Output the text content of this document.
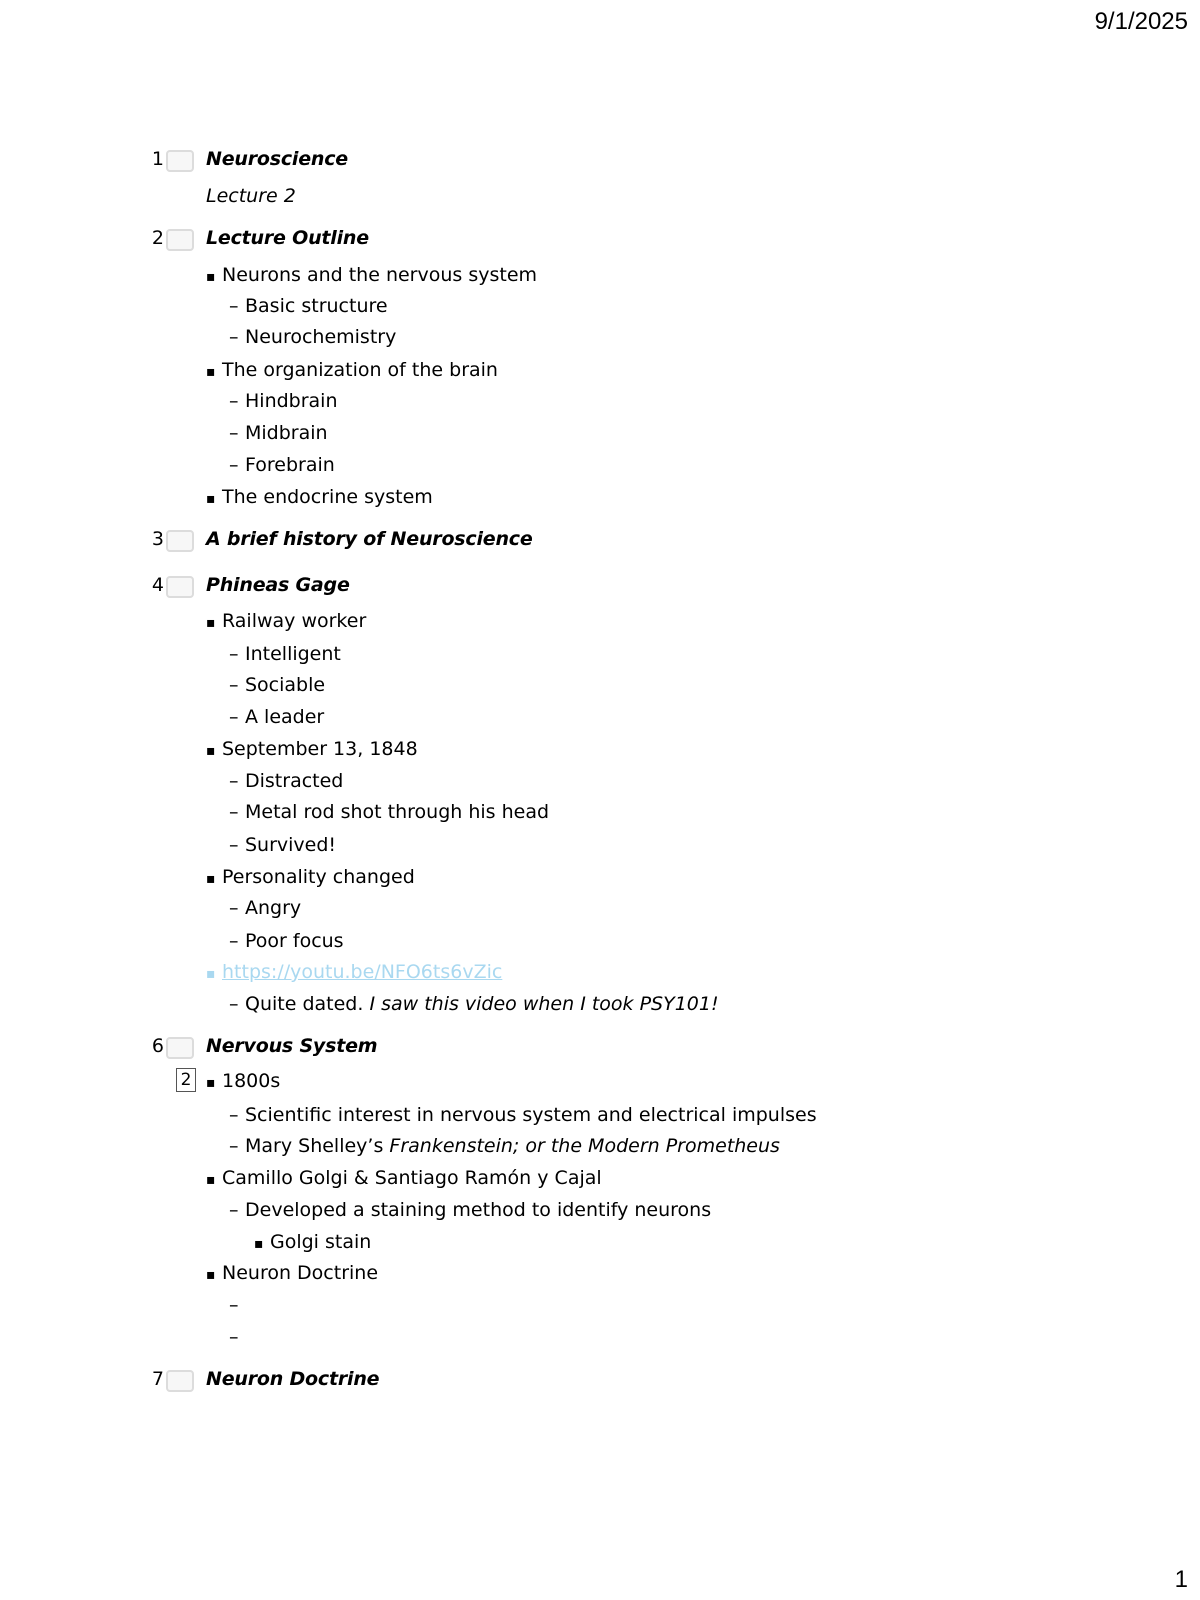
9/1/2025
1 Neuroscience
Lecture 2
2 Lecture Outline
▪ Neurons and the nervous system
– Basic structure
– Neurochemistry
▪ The organization of the brain
– Hindbrain
– Midbrain
– Forebrain
▪ The endocrine system
3 A brief history of Neuroscience
4 Phineas Gage
▪ Railway worker
– Intelligent
– Sociable
– A leader
▪ September 13, 1848
– Distracted
– Metal rod shot through his head
– Survived!
▪ Personality changed
– Angry
– Poor focus
▪ https://youtu.be/NFO6ts6vZic
– Quite dated. I saw this video when I took PSY101!
6 Nervous System
2	▪ 1800s
– Scientific interest in nervous system and electrical impulses
– Mary Shelley’s Frankenstein; or the Modern Prometheus
▪ Camillo Golgi & Santiago Ramón y Cajal
– Developed a staining method to identify neurons
▪ Golgi stain
▪ Neuron Doctrine
–
–
7 Neuron Doctrine
1
